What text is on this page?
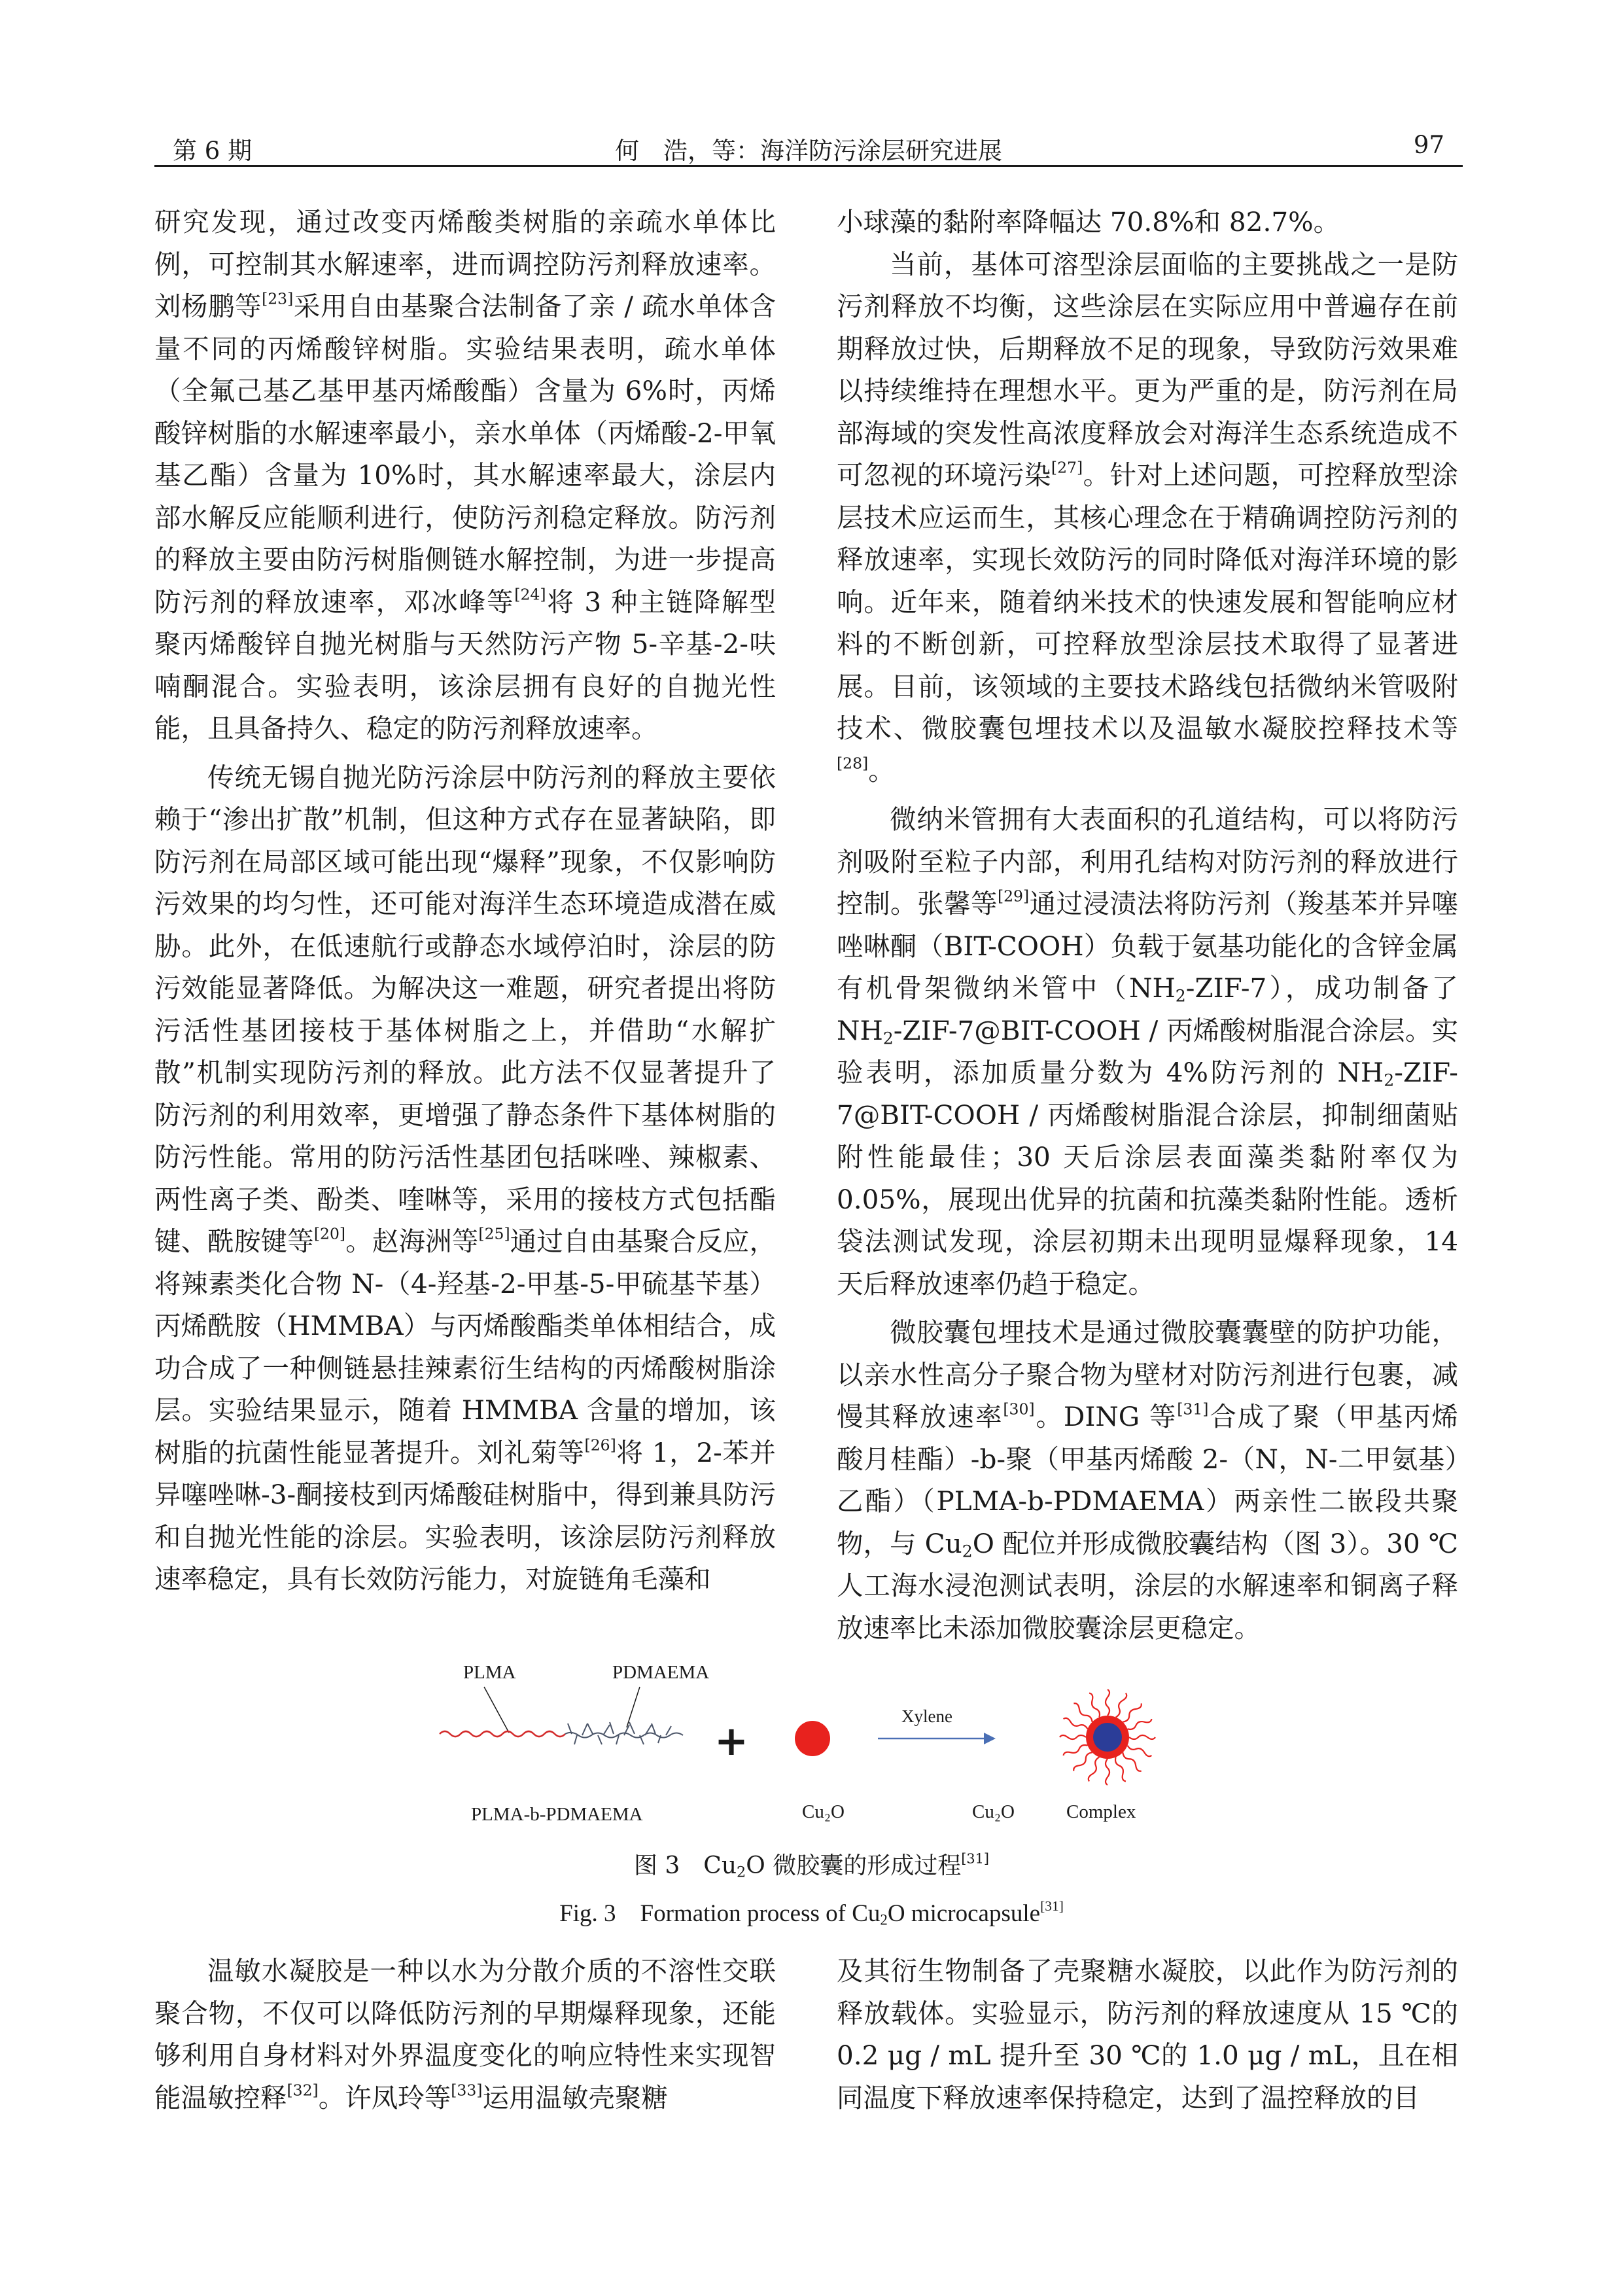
第 6 期	何　浩，等：海洋防污涂层研究进展	97

研究发现，通过改变丙烯酸类树脂的亲疏水单体比例，可控制其水解速率，进而调控防污剂释放速率。刘杨鹏等[23]采用自由基聚合法制备了亲 / 疏水单体含量不同的丙烯酸锌树脂。实验结果表明，疏水单体（全氟己基乙基甲基丙烯酸酯）含量为 6%时，丙烯酸锌树脂的水解速率最小，亲水单体（丙烯酸-2-甲氧基乙酯）含量为 10%时，其水解速率最大，涂层内部水解反应能顺利进行，使防污剂稳定释放。防污剂的释放主要由防污树脂侧链水解控制，为进一步提高防污剂的释放速率，邓冰峰等[24]将 3 种主链降解型聚丙烯酸锌自抛光树脂与天然防污产物 5-辛基-2-呋喃酮混合。实验表明，该涂层拥有良好的自抛光性能，且具备持久、稳定的防污剂释放速率。

传统无锡自抛光防污涂层中防污剂的释放主要依赖于“渗出扩散”机制，但这种方式存在显著缺陷，即防污剂在局部区域可能出现“爆释”现象，不仅影响防污效果的均匀性，还可能对海洋生态环境造成潜在威胁。此外，在低速航行或静态水域停泊时，涂层的防污效能显著降低。为解决这一难题，研究者提出将防污活性基团接枝于基体树脂之上，并借助“水解扩散”机制实现防污剂的释放。此方法不仅显著提升了防污剂的利用效率，更增强了静态条件下基体树脂的防污性能。常用的防污活性基团包括咪唑、辣椒素、两性离子类、酚类、喹啉等，采用的接枝方式包括酯键、酰胺键等[20]。赵海洲等[25]通过自由基聚合反应，将辣素类化合物 N-（4-羟基-2-甲基-5-甲硫基苄基）丙烯酰胺（HMMBA）与丙烯酸酯类单体相结合，成功合成了一种侧链悬挂辣素衍生结构的丙烯酸树脂涂层。实验结果显示，随着 HMMBA 含量的增加，该树脂的抗菌性能显著提升。刘礼菊等[26]将 1，2-苯并异噻唑啉-3-酮接枝到丙烯酸硅树脂中，得到兼具防污和自抛光性能的涂层。实验表明，该涂层防污剂释放速率稳定，具有长效防污能力，对旋链角毛藻和

小球藻的黏附率降幅达 70.8%和 82.7%。

当前，基体可溶型涂层面临的主要挑战之一是防污剂释放不均衡，这些涂层在实际应用中普遍存在前期释放过快，后期释放不足的现象，导致防污效果难以持续维持在理想水平。更为严重的是，防污剂在局部海域的突发性高浓度释放会对海洋生态系统造成不可忽视的环境污染[27]。针对上述问题，可控释放型涂层技术应运而生，其核心理念在于精确调控防污剂的释放速率，实现长效防污的同时降低对海洋环境的影响。近年来，随着纳米技术的快速发展和智能响应材料的不断创新，可控释放型涂层技术取得了显著进展。目前，该领域的主要技术路线包括微纳米管吸附技术、微胶囊包埋技术以及温敏水凝胶控释技术等[28]。

微纳米管拥有大表面积的孔道结构，可以将防污剂吸附至粒子内部，利用孔结构对防污剂的释放进行控制。张馨等[29]通过浸渍法将防污剂（羧基苯并异噻唑啉酮（BIT-COOH）负载于氨基功能化的含锌金属有机骨架微纳米管中$(NH_2-ZIF-7)$，成功制备了 $NH_2-ZIF-7@BIT$-COOH / 丙烯酸树脂混合涂层。实验表明，添加质量分数为 4%防污剂的 $NH_2-ZIF-7@BIT$-COOH / 丙烯酸树脂混合涂层，抑制细菌贴附性能最佳；30 天后涂层表面藻类黏附率仅为 0.05%，展现出优异的抗菌和抗藻类黏附性能。透析袋法测试发现，涂层初期未出现明显爆释现象，14 天后释放速率仍趋于稳定。

微胶囊包埋技术是通过微胶囊囊壁的防护功能，以亲水性高分子聚合物为壁材对防污剂进行包裹，减慢其释放速率[30]。DING 等[31]合成了聚（甲基丙烯酸月桂酯）-b-聚（甲基丙烯酸 2-（N，N-二甲氨基）乙酯）（PLMA-b-PDMAEMA）两亲性二嵌段共聚物，与 $Cu_2O$ 配位并形成微胶囊结构（图 3）。30 ℃人工海水浸泡测试表明，涂层的水解速率和铜离子释放速率比未添加微胶囊涂层更稳定。

PLMA	PDMAEMA
PLMA-b-PDMAEMA
+
Cu₂O
Xylene
Cu₂O	Complex
图 3　$Cu_2O$ 微胶囊的形成过程[31]
Fig. 3　Formation process of $Cu_2O$ microcapsule[31]

温敏水凝胶是一种以水为分散介质的不溶性交联聚合物，不仅可以降低防污剂的早期爆释现象，还能够利用自身材料对外界温度变化的响应特性来实现智能温敏控释[32]。许凤玲等[33]运用温敏壳聚糖

及其衍生物制备了壳聚糖水凝胶，以此作为防污剂的释放载体。实验显示，防污剂的释放速度从 15 ℃的 0.2 μg / mL 提升至 30 ℃的 1.0 μg / mL，且在相同温度下释放速率保持稳定，达到了温控释放的目
